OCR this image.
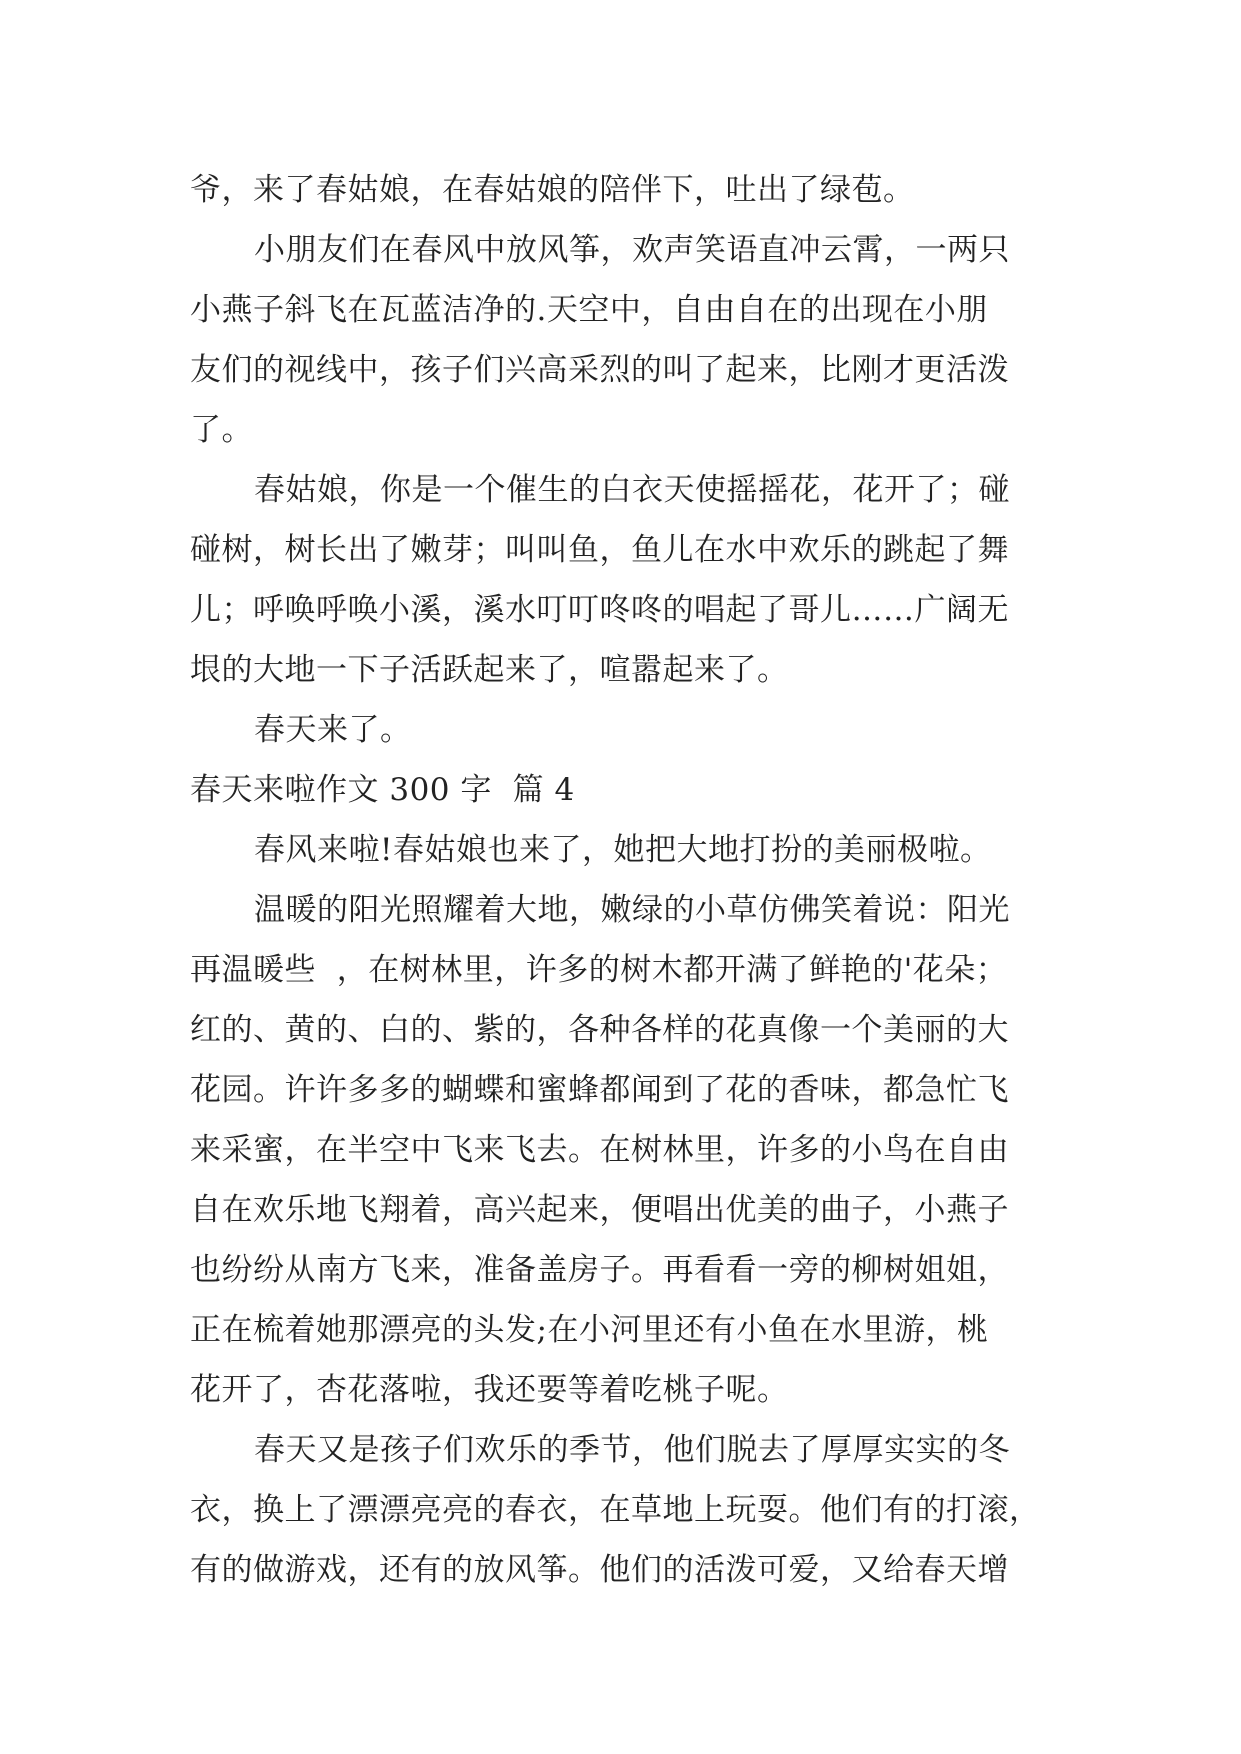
爷，来了春姑娘，在春姑娘的陪伴下，吐出了绿苞。
小朋友们在春风中放风筝，欢声笑语直冲云霄，一两只
小燕子斜飞在瓦蓝洁净的.天空中，自由自在的出现在小朋
友们的视线中，孩子们兴高采烈的叫了起来，比刚才更活泼
了。
春姑娘，你是一个催生的白衣天使摇摇花，花开了；碰
碰树，树长出了嫩芽；叫叫鱼，鱼儿在水中欢乐的跳起了舞
儿；呼唤呼唤小溪，溪水叮叮咚咚的唱起了哥儿……广阔无
垠的大地一下子活跃起来了，喧嚣起来了。
春天来了。
春天来啦作文 300 字  篇 4
春风来啦!春姑娘也来了，她把大地打扮的美丽极啦。
温暖的阳光照耀着大地，嫩绿的小草仿佛笑着说：阳光
再温暖些  ，在树林里，许多的树木都开满了鲜艳的'花朵；
红的、黄的、白的、紫的，各种各样的花真像一个美丽的大
花园。许许多多的蝴蝶和蜜蜂都闻到了花的香味，都急忙飞
来采蜜，在半空中飞来飞去。在树林里，许多的小鸟在自由
自在欢乐地飞翔着，高兴起来，便唱出优美的曲子，小燕子
也纷纷从南方飞来，准备盖房子。再看看一旁的柳树姐姐，
正在梳着她那漂亮的头发;在小河里还有小鱼在水里游，桃
花开了，杏花落啦，我还要等着吃桃子呢。
春天又是孩子们欢乐的季节，他们脱去了厚厚实实的冬
衣，换上了漂漂亮亮的春衣，在草地上玩耍。他们有的打滚，
有的做游戏，还有的放风筝。他们的活泼可爱，又给春天增
